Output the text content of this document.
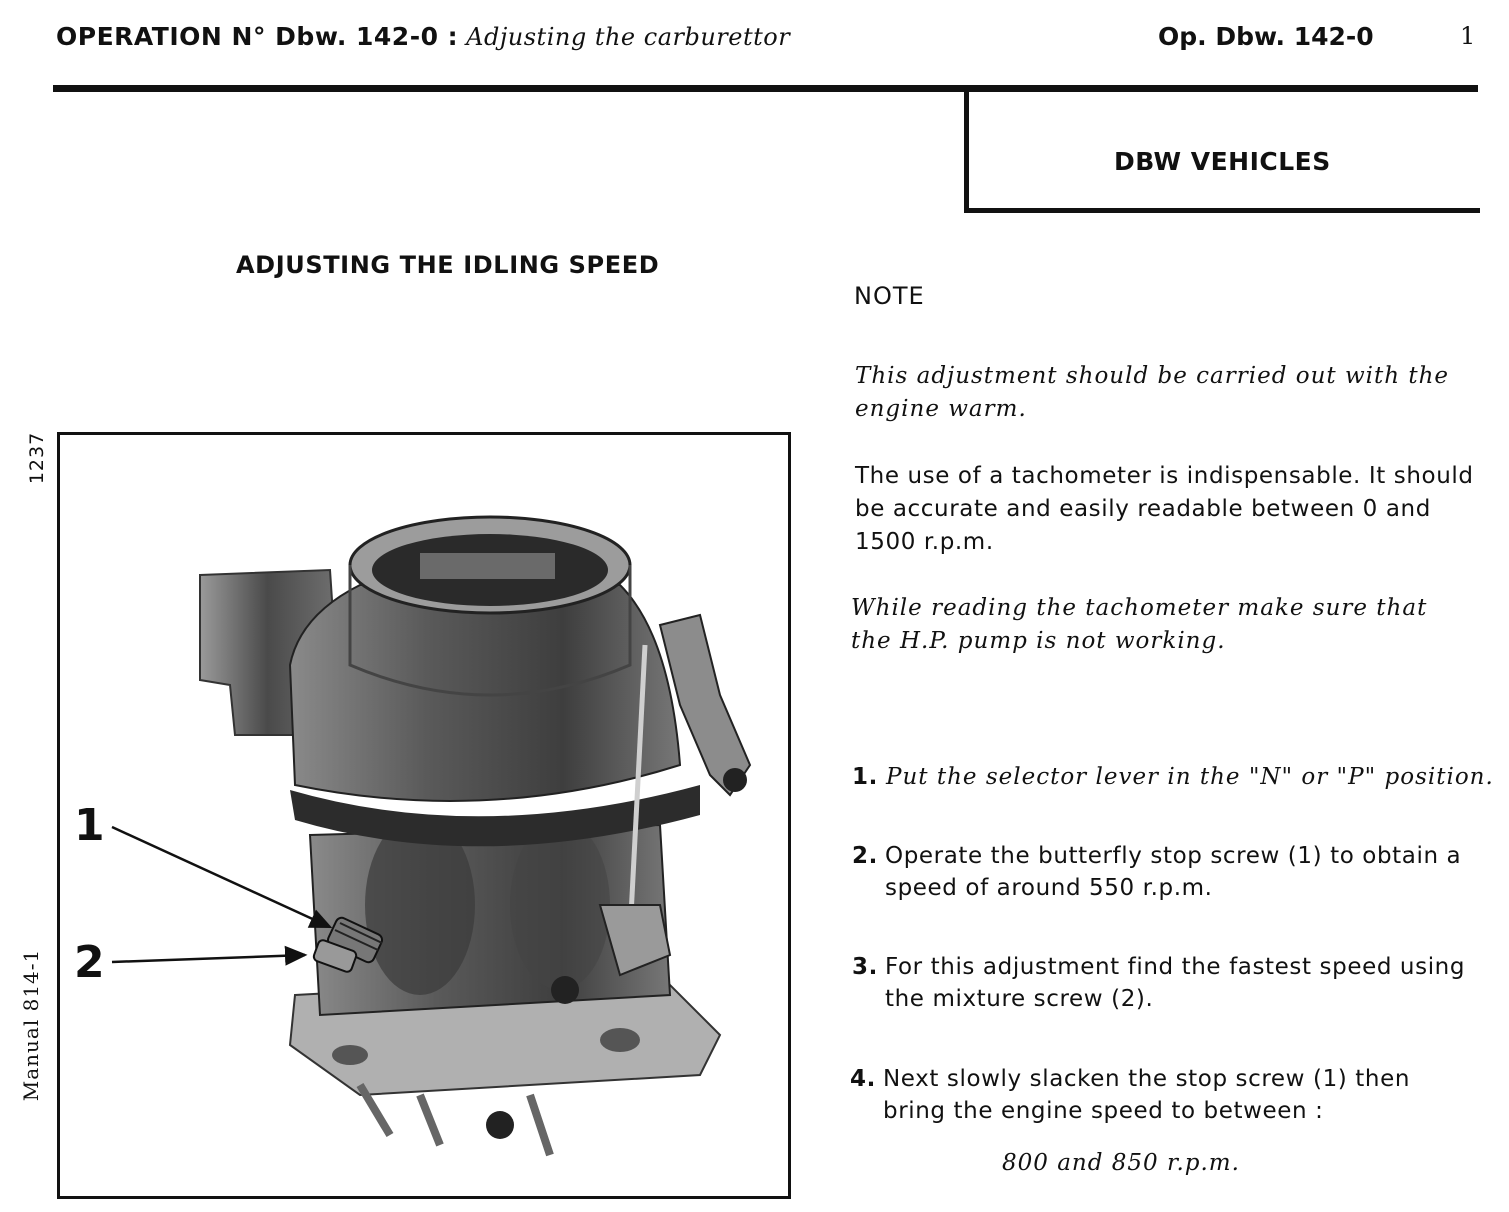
OPERATION N° Dbw. 142-0 : Adjusting the carburettor	Op. Dbw. 142-0	1
DBW VEHICLES
ADJUSTING THE IDLING SPEED
1237
Manual 814-1
1
2
NOTE
This adjustment should be carried out with the engine warm.
The use of a tachometer is indispensable. It should
be accurate and easily readable between 0 and
1500 r.p.m.
While reading the tachometer make sure that the H.P. pump is not working.
1. Put the selector lever in the "N" or "P" position.
2. Operate the butterfly stop screw (1) to obtain a
speed of around 550 r.p.m.
3. For this adjustment find the fastest speed using
the mixture screw (2).
4. Next slowly slacken the stop screw (1) then
bring the engine speed to between :
800 and 850 r.p.m.
